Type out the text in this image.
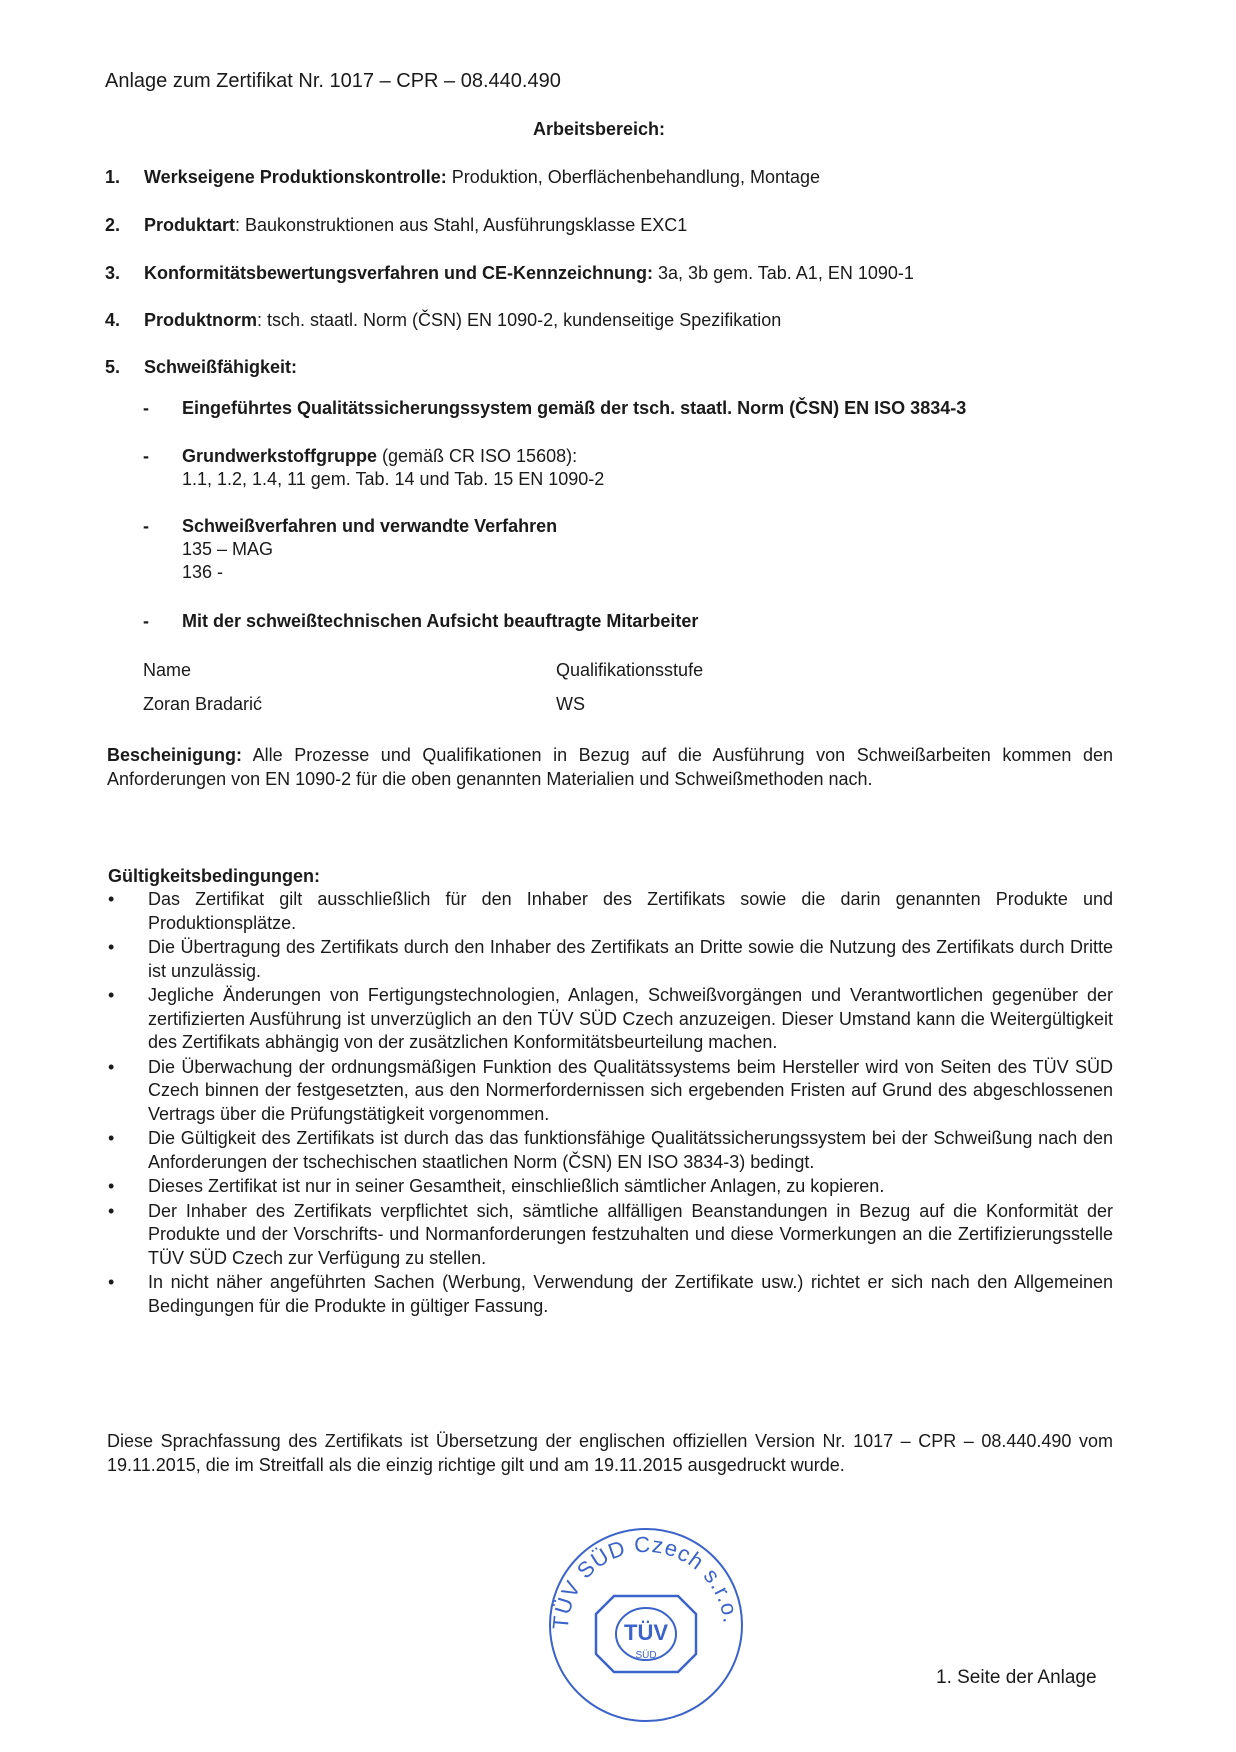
Anlage zum Zertifikat Nr. 1017 – CPR – 08.440.490
Arbeitsbereich:
1. Werkseigene Produktionskontrolle: Produktion, Oberflächenbehandlung, Montage
2. Produktart: Baukonstruktionen aus Stahl, Ausführungsklasse EXC1
3. Konformitätsbewertungsverfahren und CE-Kennzeichnung: 3a, 3b gem. Tab. A1, EN 1090-1
4. Produktnorm: tsch. staatl. Norm (ČSN) EN 1090-2, kundenseitige Spezifikation
5. Schweißfähigkeit:
- Eingeführtes Qualitätssicherungssystem gemäß der tsch. staatl. Norm (ČSN) EN ISO 3834-3
- Grundwerkstoffgruppe (gemäß CR ISO 15608):
1.1, 1.2, 1.4, 11 gem. Tab. 14 und Tab. 15 EN 1090-2
- Schweißverfahren und verwandte Verfahren
135 – MAG
136 -
- Mit der schweißtechnischen Aufsicht beauftragte Mitarbeiter
Name	Qualifikationsstufe
Zoran Bradarić	WS
Bescheinigung: Alle Prozesse und Qualifikationen in Bezug auf die Ausführung von Schweißarbeiten kommen den Anforderungen von EN 1090-2 für die oben genannten Materialien und Schweißmethoden nach.
Gültigkeitsbedingungen:
• Das Zertifikat gilt ausschließlich für den Inhaber des Zertifikats sowie die darin genannten Produkte und Produktionsplätze.
• Die Übertragung des Zertifikats durch den Inhaber des Zertifikats an Dritte sowie die Nutzung des Zertifikats durch Dritte ist unzulässig.
• Jegliche Änderungen von Fertigungstechnologien, Anlagen, Schweißvorgängen und Verantwortlichen gegenüber der zertifizierten Ausführung ist unverzüglich an den TÜV SÜD Czech anzuzeigen. Dieser Umstand kann die Weitergültigkeit des Zertifikats abhängig von der zusätzlichen Konformitätsbeurteilung machen.
• Die Überwachung der ordnungsmäßigen Funktion des Qualitätssystems beim Hersteller wird von Seiten des TÜV SÜD Czech binnen der festgesetzten, aus den Normerfordernissen sich ergebenden Fristen auf Grund des abgeschlossenen Vertrags über die Prüfungstätigkeit vorgenommen.
• Die Gültigkeit des Zertifikats ist durch das das funktionsfähige Qualitätssicherungssystem bei der Schweißung nach den Anforderungen der tschechischen staatlichen Norm (ČSN) EN ISO 3834-3) bedingt.
• Dieses Zertifikat ist nur in seiner Gesamtheit, einschließlich sämtlicher Anlagen, zu kopieren.
• Der Inhaber des Zertifikats verpflichtet sich, sämtliche allfälligen Beanstandungen in Bezug auf die Konformität der Produkte und der Vorschrifts- und Normanforderungen festzuhalten und diese Vormerkungen an die Zertifizierungsstelle TÜV SÜD Czech zur Verfügung zu stellen.
• In nicht näher angeführten Sachen (Werbung, Verwendung der Zertifikate usw.) richtet er sich nach den Allgemeinen Bedingungen für die Produkte in gültiger Fassung.
Diese Sprachfassung des Zertifikats ist Übersetzung der englischen offiziellen Version Nr. 1017 – CPR – 08.440.490 vom 19.11.2015, die im Streitfall als die einzig richtige gilt und am 19.11.2015 ausgedruckt wurde.
TÜV SÜD Czech s.r.o.
TÜV
SÜD
1. Seite der Anlage
